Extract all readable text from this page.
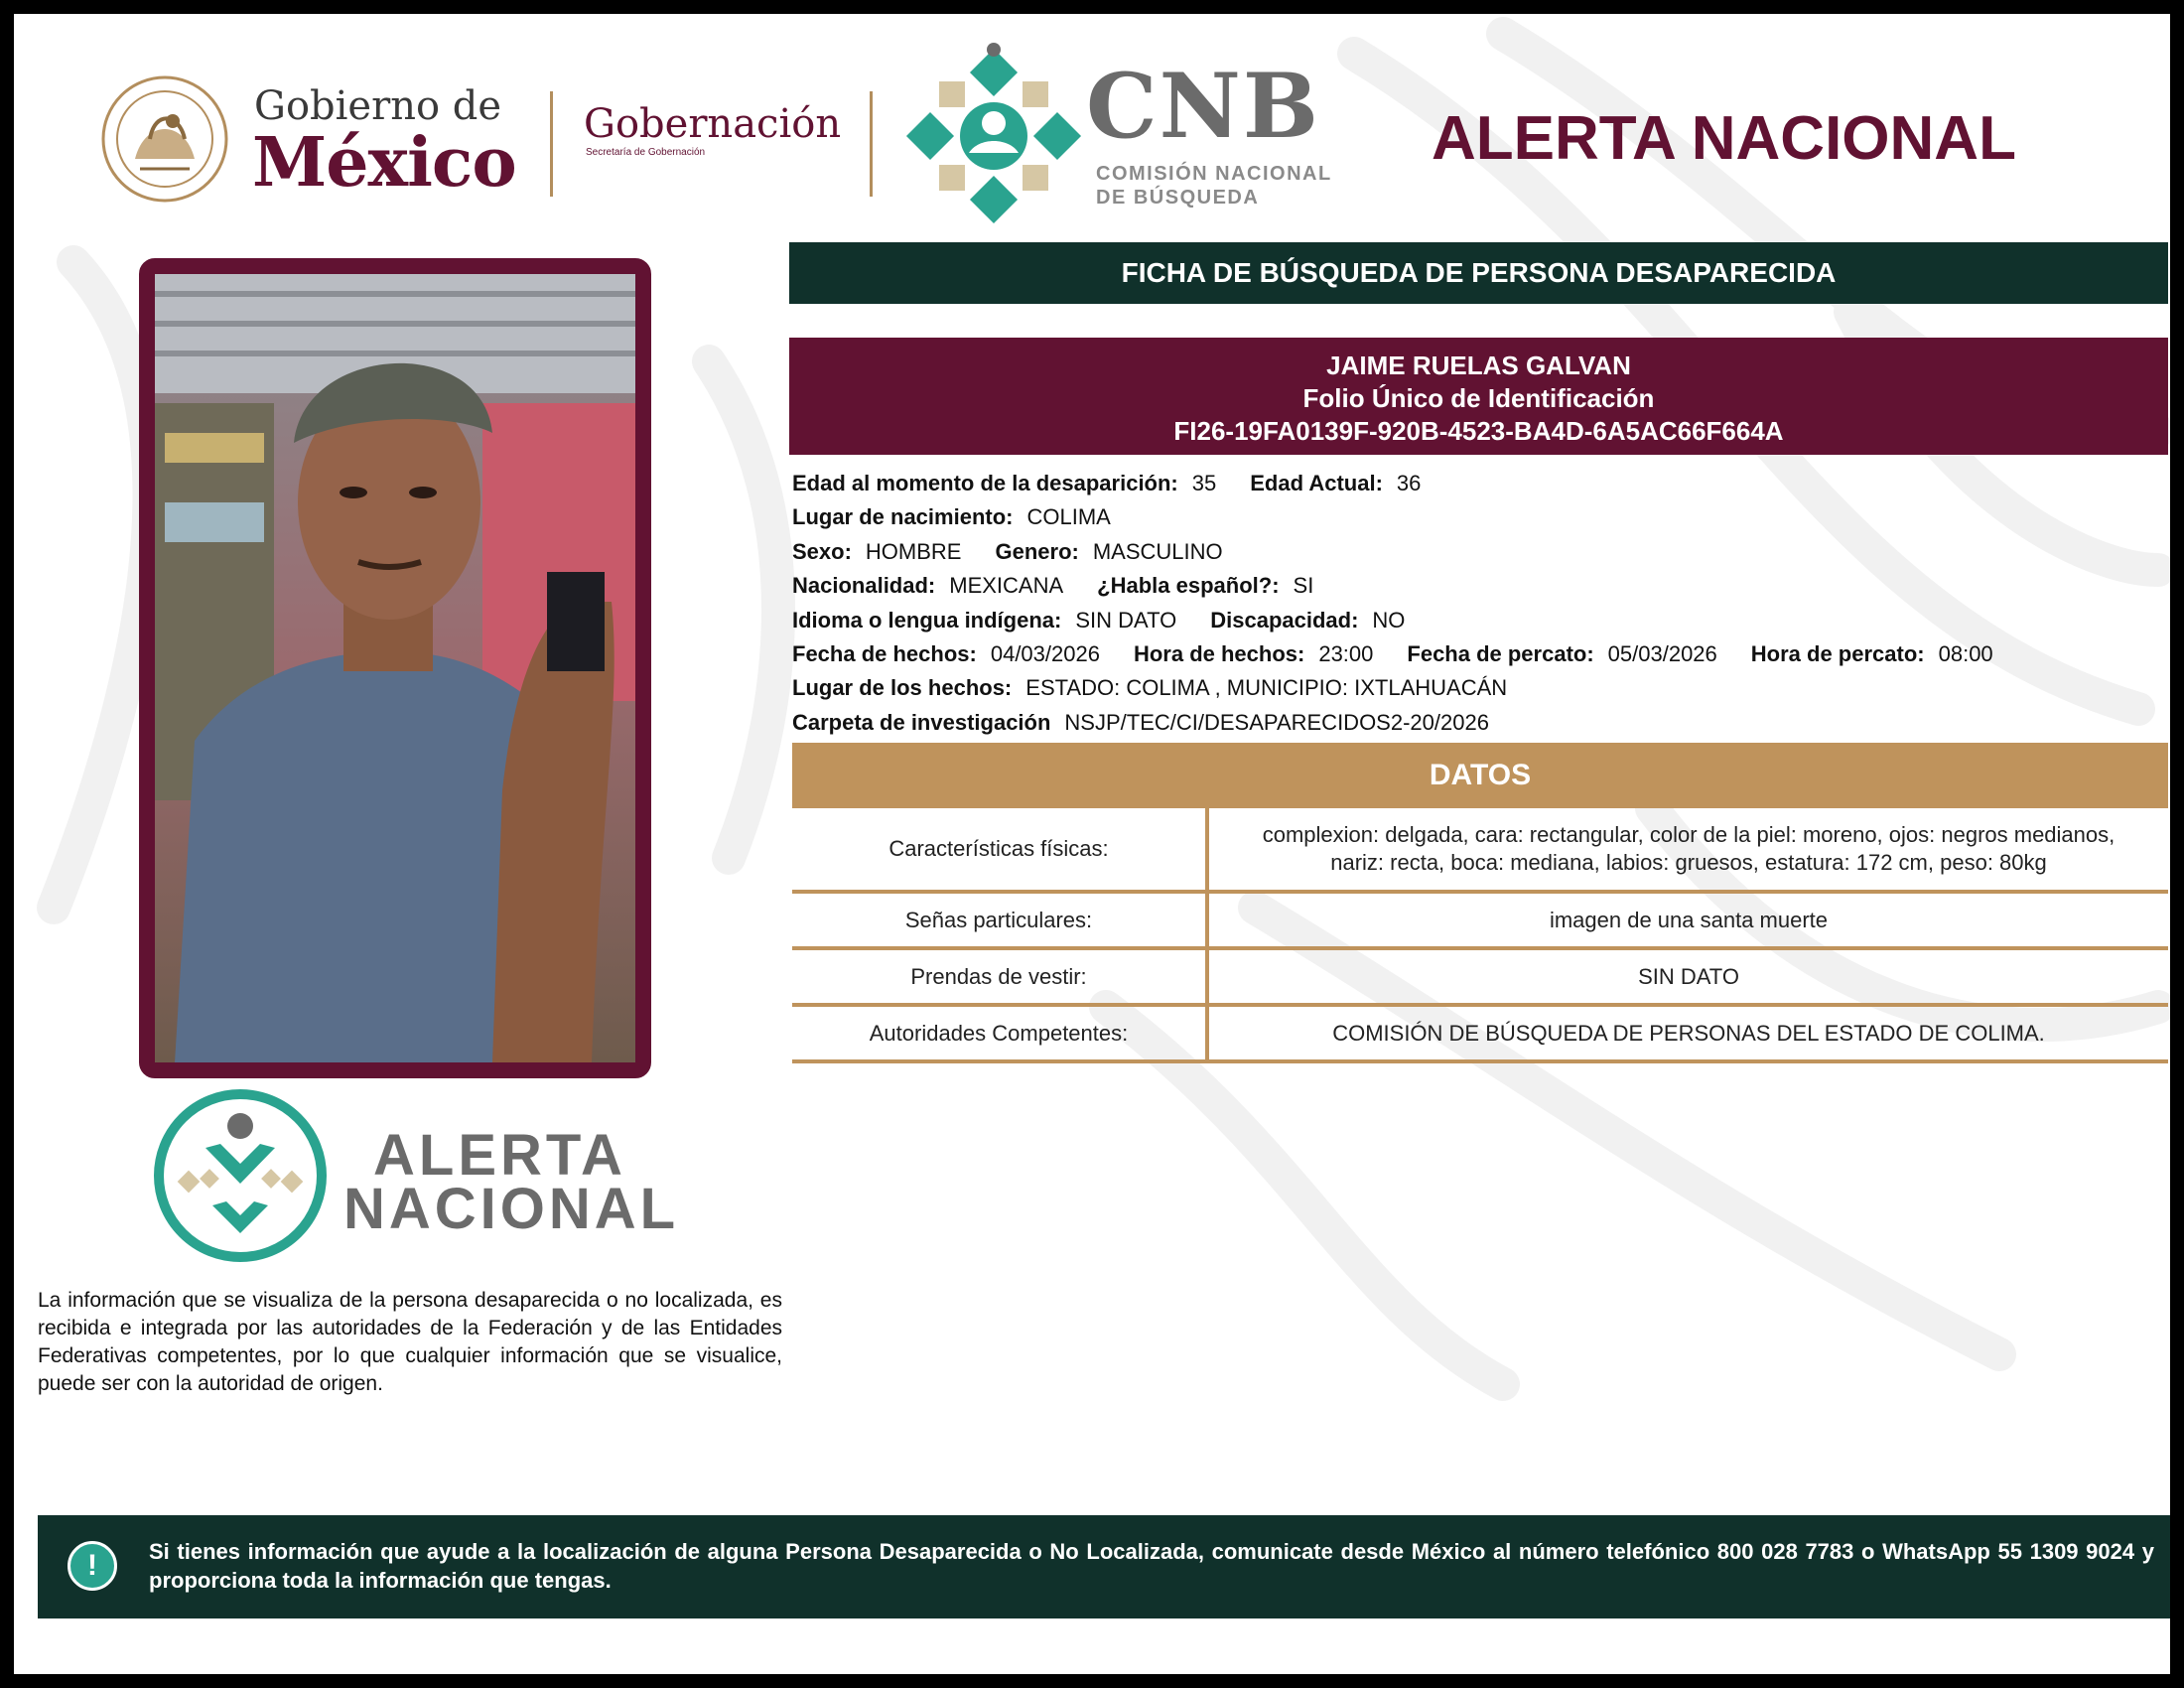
Gobierno de
México Gobernación
Secretaría de Gobernación	CNB
COMISIÓN NACIONAL
DE BÚSQUEDA
ALERTA NACIONAL
ALERTA
NACIONAL
La información que se visualiza de la persona desaparecida o no localizada, es recibida e integrada por las autoridades de la Federación y de las Entidades Federativas competentes, por lo que cualquier información que se visualice, puede ser con la autoridad de origen.
FICHA DE BÚSQUEDA DE PERSONA DESAPARECIDA
JAIME RUELAS GALVAN
Folio Único de Identificación
FI26-19FA0139F-920B-4523-BA4D-6A5AC66F664A
Edad al momento de la desaparición: 35 Edad Actual: 36
Lugar de nacimiento: COLIMA
Sexo: HOMBRE Genero: MASCULINO
Nacionalidad: MEXICANA ¿Habla español?: SI
Idioma o lengua indígena: SIN DATO Discapacidad: NO
Fecha de hechos: 04/03/2026 Hora de hechos: 23:00 Fecha de percato: 05/03/2026 Hora de percato: 08:00
Lugar de los hechos: ESTADO: COLIMA , MUNICIPIO: IXTLAHUACÁN
Carpeta de investigación NSJP/TEC/CI/DESAPARECIDOS2-20/2026
DATOS
Características físicas:	complexion: delgada, cara: rectangular, color de la piel: moreno, ojos: negros medianos,
nariz: recta, boca: mediana, labios: gruesos, estatura: 172 cm, peso: 80kg

Señas particulares:	imagen de una santa muerte
Prendas de vestir:	SIN DATO
Autoridades Competentes:	COMISIÓN DE BÚSQUEDA DE PERSONAS DEL ESTADO DE COLIMA.
!	Si tienes información que ayude a la localización de alguna Persona Desaparecida o No Localizada, comunicate desde México al número telefónico 800 028 7783 o WhatsApp 55 1309 9024 y proporciona toda la información que tengas.
